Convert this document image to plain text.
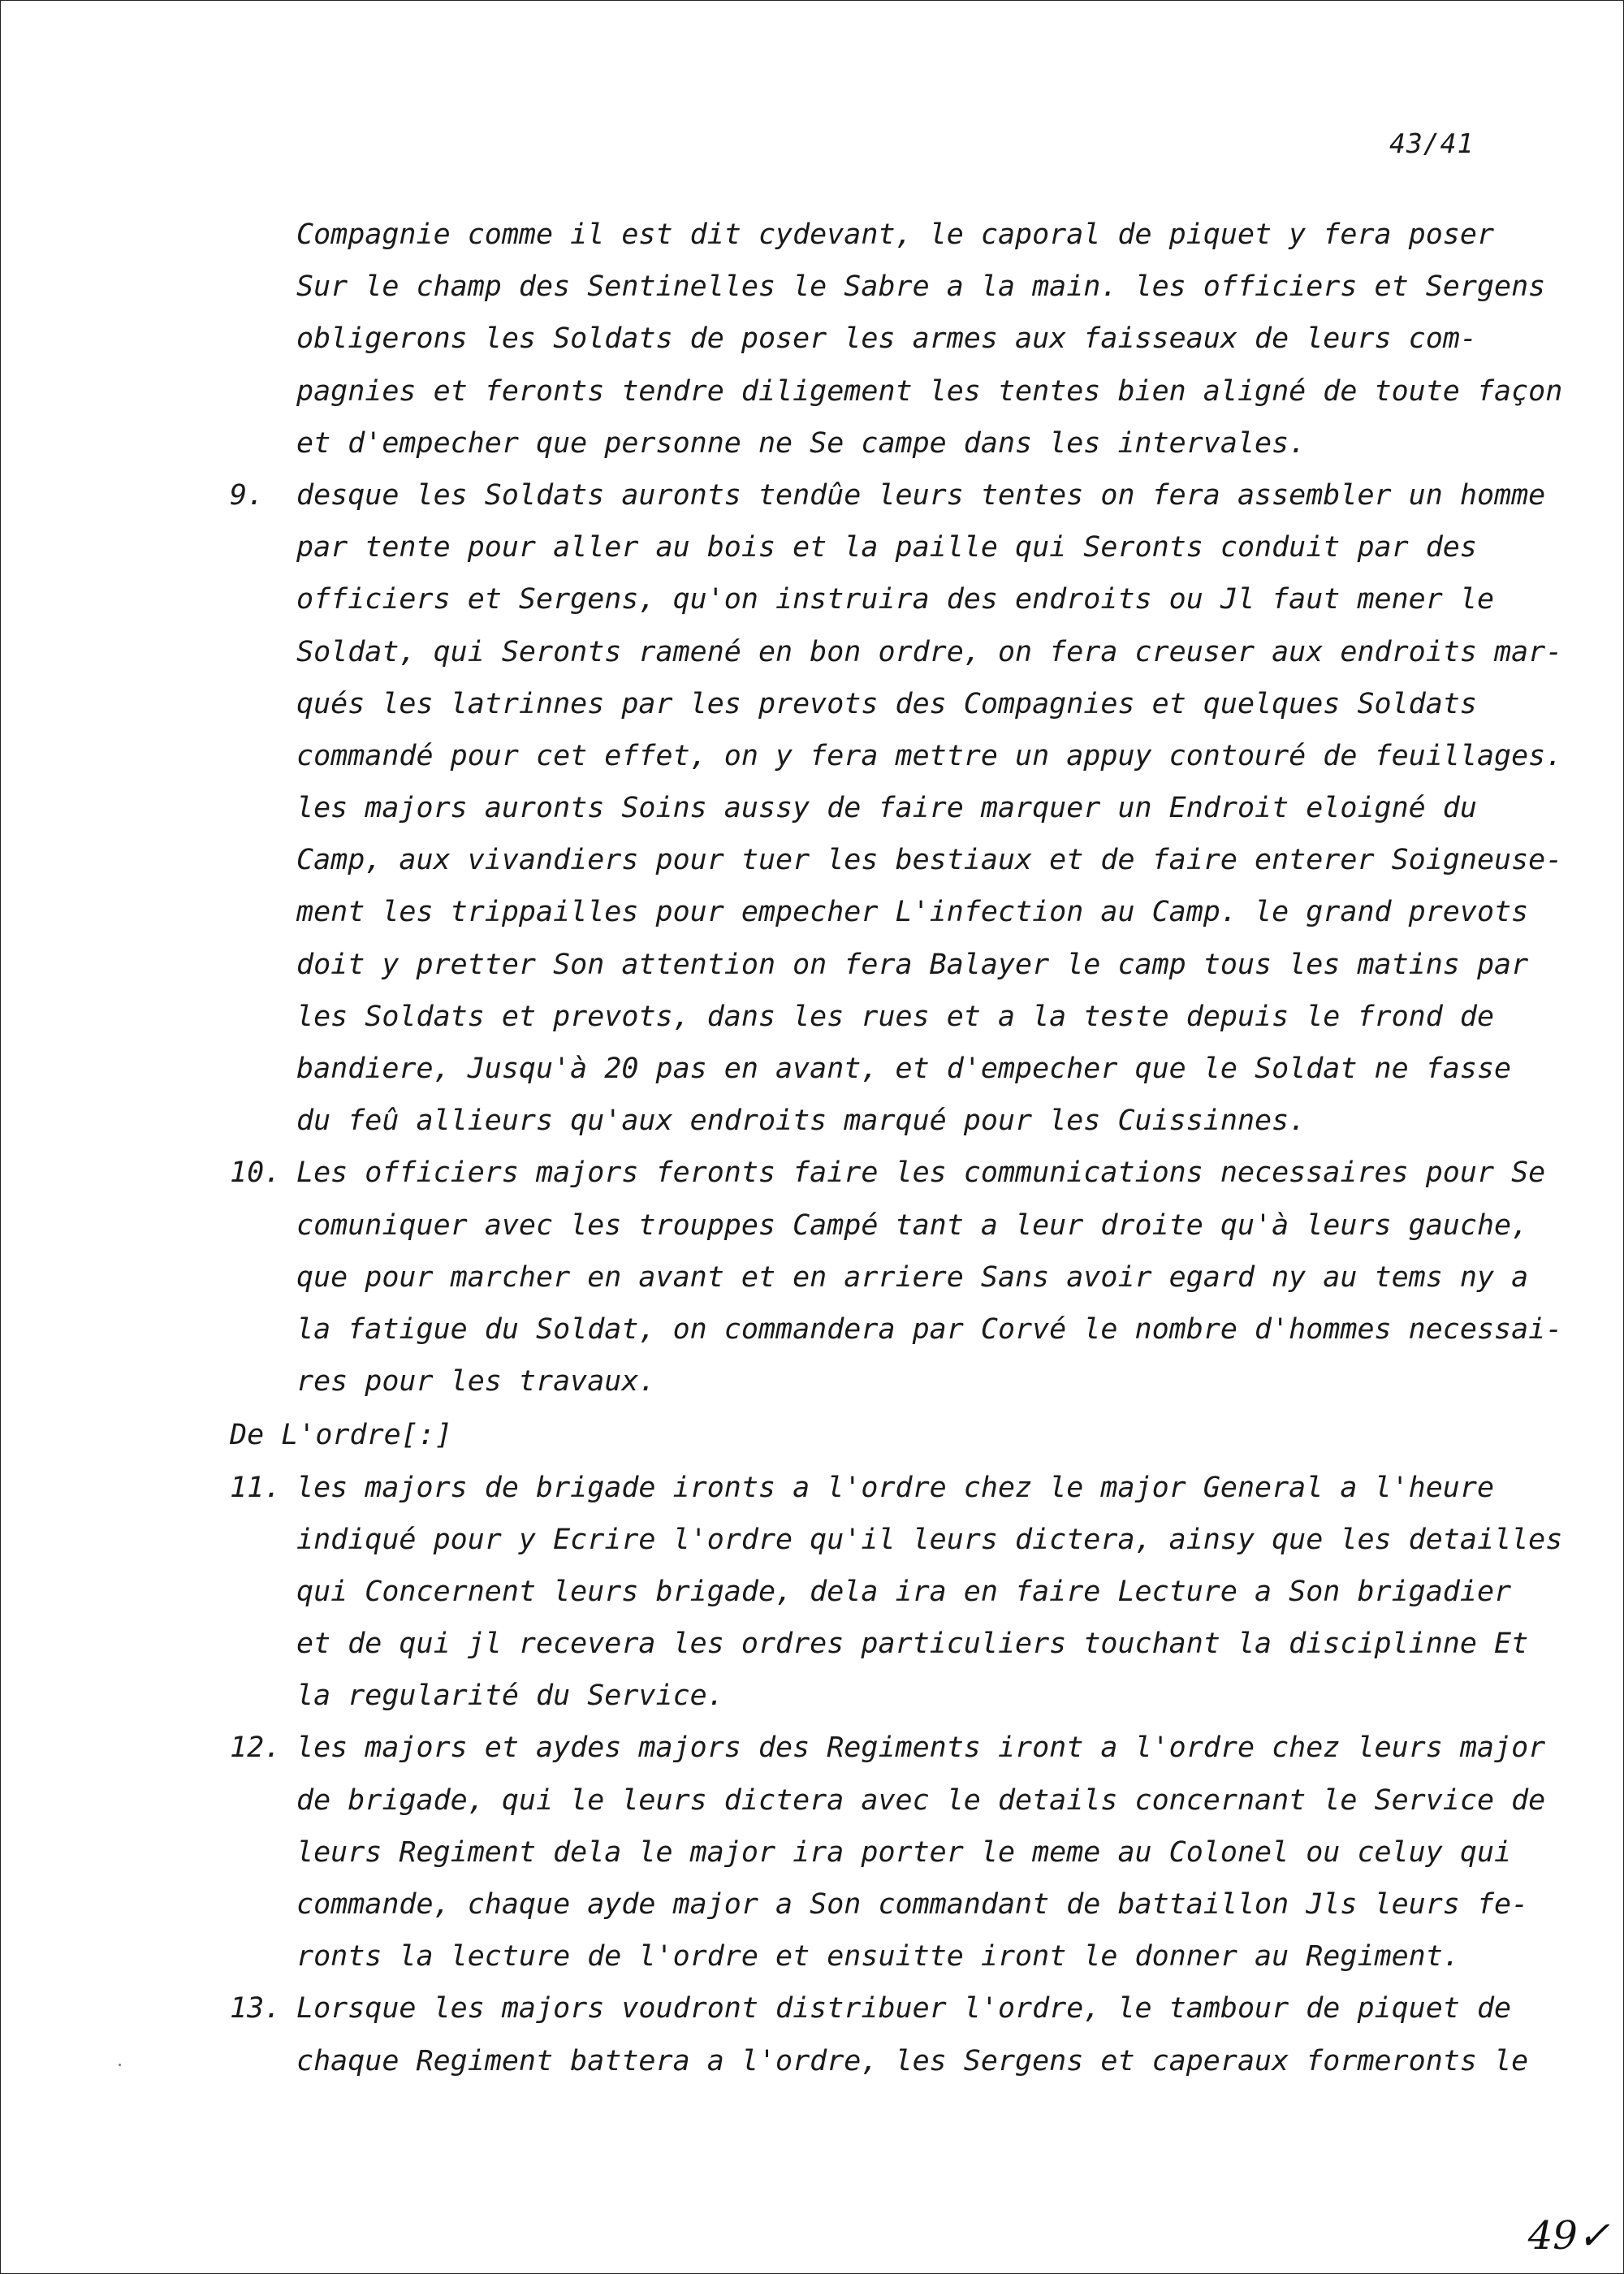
43/41
Compagnie comme il est dit cydevant, le caporal de piquet y fera poser
Sur le champ des Sentinelles le Sabre a la main. les officiers et Sergens
obligerons les Soldats de poser les armes aux faisseaux de leurs com-
pagnies et feronts tendre diligement les tentes bien aligné de toute façon
et d'empecher que personne ne Se campe dans les intervales.
9.	desque les Soldats auronts tendûe leurs tentes on fera assembler un homme
par tente pour aller au bois et la paille qui Seronts conduit par des
officiers et Sergens, qu'on instruira des endroits ou Jl faut mener le
Soldat, qui Seronts ramené en bon ordre, on fera creuser aux endroits mar-
qués les latrinnes par les prevots des Compagnies et quelques Soldats
commandé pour cet effet, on y fera mettre un appuy contouré de feuillages.
les majors auronts Soins aussy de faire marquer un Endroit eloigné du
Camp, aux vivandiers pour tuer les bestiaux et de faire enterer Soigneuse-
ment les trippailles pour empecher L'infection au Camp. le grand prevots
doit y pretter Son attention on fera Balayer le camp tous les matins par
les Soldats et prevots, dans les rues et a la teste depuis le frond de
bandiere, Jusqu'à 20 pas en avant, et d'empecher que le Soldat ne fasse
du feû allieurs qu'aux endroits marqué pour les Cuissinnes.
10. Les officiers majors feronts faire les communications necessaires pour Se
comuniquer avec les trouppes Campé tant a leur droite qu'à leurs gauche,
que pour marcher en avant et en arriere Sans avoir egard ny au tems ny a
la fatigue du Soldat, on commandera par Corvé le nombre d'hommes necessai-
res pour les travaux.
De L'ordre[:]
11. les majors de brigade ironts a l'ordre chez le major General a l'heure
indiqué pour y Ecrire l'ordre qu'il leurs dictera, ainsy que les detailles
qui Concernent leurs brigade, dela ira en faire Lecture a Son brigadier
et de qui jl recevera les ordres particuliers touchant la disciplinne Et
la regularité du Service.
12. les majors et aydes majors des Regiments iront a l'ordre chez leurs major
de brigade, qui le leurs dictera avec le details concernant le Service de
leurs Regiment dela le major ira porter le meme au Colonel ou celuy qui
commande, chaque ayde major a Son commandant de battaillon Jls leurs fe-
ronts la lecture de l'ordre et ensuitte iront le donner au Regiment.
13. Lorsque les majors voudront distribuer l'ordre, le tambour de piquet de
chaque Regiment battera a l'ordre, les Sergens et caperaux formeronts le
49✓
